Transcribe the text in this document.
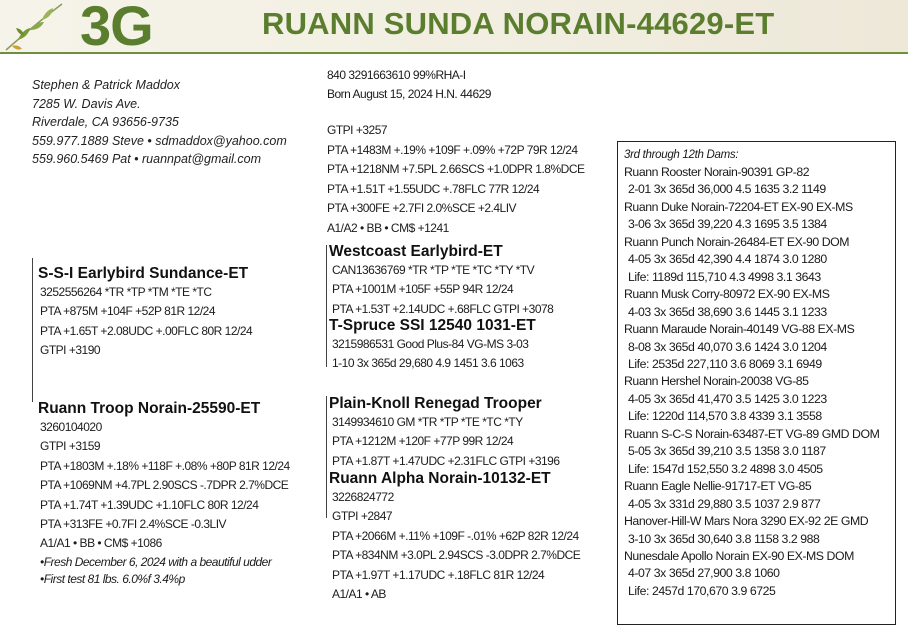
3G	RUANN SUNDA NORAIN-44629-ET
Stephen & Patrick Maddox
7285 W. Davis Ave.
Riverdale, CA 93656-9735
559.977.1889 Steve • sdmaddox@yahoo.com
559.960.5469 Pat • ruannpat@gmail.com
840 3291663610 99%RHA-I
Born August 15, 2024 H.N. 44629
GTPI +3257
PTA +1483M +.19% +109F +.09% +72P 79R 12/24
PTA +1218NM +7.5PL 2.66SCS +1.0DPR 1.8%DCE
PTA +1.51T +1.55UDC +.78FLC 77R 12/24
PTA +300FE +2.7FI 2.0%SCE +2.4LIV
A1/A2 • BB • CM$ +1241
S-S-I Earlybird Sundance-ET
3252556264 *TR *TP *TM *TE *TC
PTA +875M +104F +52P 81R 12/24
PTA +1.65T +2.08UDC +.00FLC 80R 12/24
GTPI +3190
Westcoast Earlybird-ET
CAN13636769 *TR *TP *TE *TC *TY *TV
PTA +1001M +105F +55P 94R 12/24
PTA +1.53T +2.14UDC +.68FLC GTPI +3078
T-Spruce SSI 12540 1031-ET
3215986531 Good Plus-84 VG-MS 3-03
1-10 3x 365d 29,680 4.9 1451 3.6 1063
Ruann Troop Norain-25590-ET
3260104020
GTPI +3159
PTA +1803M +.18% +118F +.08% +80P 81R 12/24
PTA +1069NM +4.7PL 2.90SCS -.7DPR 2.7%DCE
PTA +1.74T +1.39UDC +1.10FLC 80R 12/24
PTA +313FE +0.7FI 2.4%SCE -0.3LIV
A1/A1 • BB • CM$ +1086
•Fresh December 6, 2024 with a beautiful udder
•First test 81 lbs. 6.0%f 3.4%p
Plain-Knoll Renegad Trooper
3149934610 GM *TR *TP *TE *TC *TY
PTA +1212M +120F +77P 99R 12/24
PTA +1.87T +1.47UDC +2.31FLC GTPI +3196
Ruann Alpha Norain-10132-ET
3226824772
GTPI +2847
PTA +2066M +.11% +109F -.01% +62P 82R 12/24
PTA +834NM +3.0PL 2.94SCS -3.0DPR 2.7%DCE
PTA +1.97T +1.17UDC +.18FLC 81R 12/24
A1/A1 • AB
3rd through 12th Dams:
Ruann Rooster Norain-90391 GP-82
2-01 3x 365d 36,000 4.5 1635 3.2 1149
Ruann Duke Norain-72204-ET EX-90 EX-MS
3-06 3x 365d 39,220 4.3 1695 3.5 1384
Ruann Punch Norain-26484-ET EX-90 DOM
4-05 3x 365d 42,390 4.4 1874 3.0 1280
Life: 1189d 115,710 4.3 4998 3.1 3643
Ruann Musk Corry-80972 EX-90 EX-MS
4-03 3x 365d 38,690 3.6 1445 3.1 1233
Ruann Maraude Norain-40149 VG-88 EX-MS
8-08 3x 365d 40,070 3.6 1424 3.0 1204
Life: 2535d 227,110 3.6 8069 3.1 6949
Ruann Hershel Norain-20038 VG-85
4-05 3x 365d 41,470 3.5 1425 3.0 1223
Life: 1220d 114,570 3.8 4339 3.1 3558
Ruann S-C-S Norain-63487-ET VG-89 GMD DOM
5-05 3x 365d 39,210 3.5 1358 3.0 1187
Life: 1547d 152,550 3.2 4898 3.0 4505
Ruann Eagle Nellie-91717-ET VG-85
4-05 3x 331d 29,880 3.5 1037 2.9 877
Hanover-Hill-W Mars Nora 3290 EX-92 2E GMD
3-10 3x 365d 30,640 3.8 1158 3.2 988
Nunesdale Apollo Norain EX-90 EX-MS DOM
4-07 3x 365d 27,900 3.8 1060
Life: 2457d 170,670 3.9 6725
